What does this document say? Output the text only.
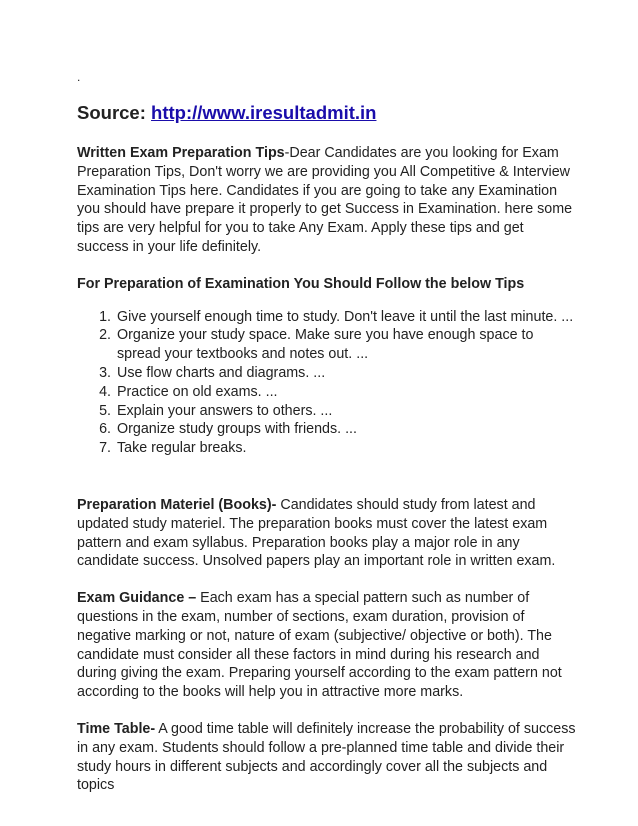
.
Source: http://www.iresultadmit.in

Written Exam Preparation Tips-Dear Candidates are you looking for Exam Preparation Tips, Don't worry we are providing you All Competitive & Interview Examination Tips here. Candidates if you are going to take any Examination you should have prepare it properly to get Success in Examination. here some tips are very helpful for you to take Any Exam. Apply these tips and get success in your life definitely.

For Preparation of Examination You Should Follow the below Tips
1. Give yourself enough time to study. Don't leave it until the last minute. ...
2. Organize your study space. Make sure you have enough space to spread your textbooks and notes out. ...
3. Use flow charts and diagrams. ...
4. Practice on old exams. ...
5. Explain your answers to others. ...
6. Organize study groups with friends. ...
7. Take regular breaks.

Preparation Materiel (Books)- Candidates should study from latest and updated study materiel. The preparation books must cover the latest exam pattern and exam syllabus. Preparation books play a major role in any candidate success. Unsolved papers play an important role in written exam.

Exam Guidance – Each exam has a special pattern such as number of questions in the exam, number of sections, exam duration, provision of negative marking or not, nature of exam (subjective/ objective or both). The candidate must consider all these factors in mind during his research and during giving the exam. Preparing yourself according to the exam pattern not according to the books will help you in attractive more marks.

Time Table- A good time table will definitely increase the probability of success in any exam. Students should follow a pre-planned time table and divide their study hours in different subjects and accordingly cover all the subjects and topics
